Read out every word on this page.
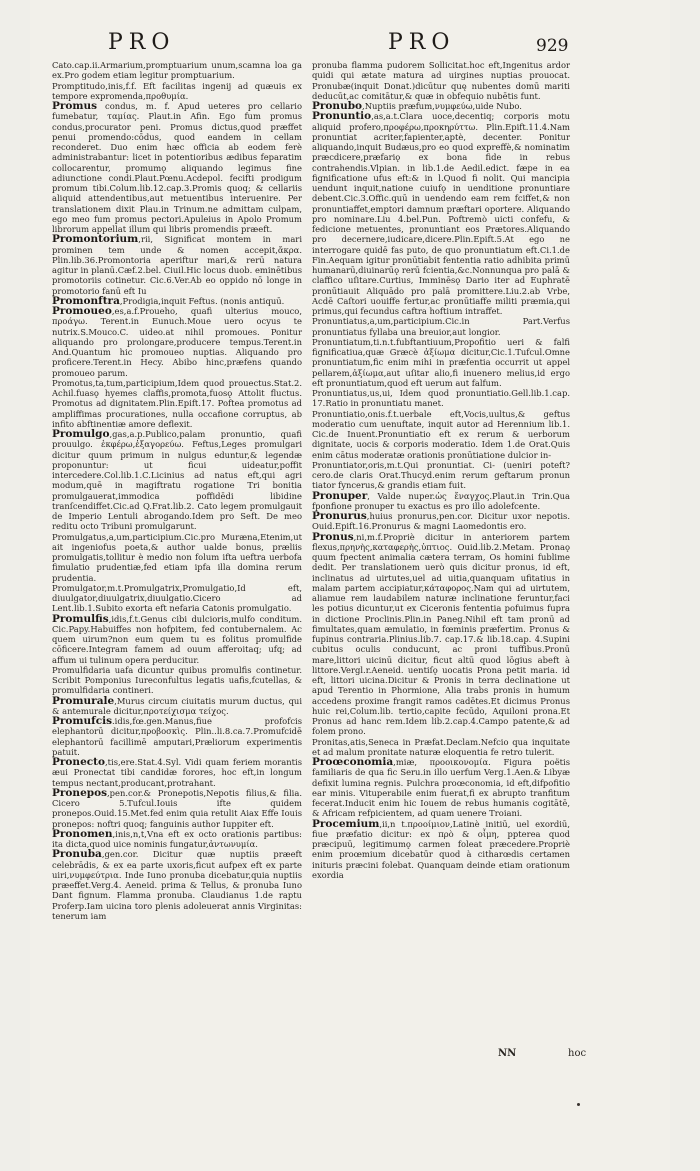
PRO	PRO	929

Cato.cap.ii.Armarium,promptuarium unum,scamna loa ga ex.Pro godem etiam legitur promptuarium.

Promptitudo,inis,f.f. Eft facilitas ingenij ad quæuis ex tempore expromenda,προθυμία.

Promus condus, m. f. Apud ueteres pro cellario fumebatur, ταμίας. Plaut.in Afin. Ego fum promus condus,procurator peni. Promus dictus,quod præffet penui promendo:cōdus, quod eandem in cellam reconderet. Duo enim hæc officia ab eodem ferè administrabantur: licet in potentioribus ædibus feparatim collocarentur, promumǫ aliquando legimus fine adiunctione condi.Plaut.Pœnu.Acdepol. fecifti prodigum promum tibi.Colum.lib.12.cap.3.Promis quoq; & cellariis aliquid attendentibus,aut metuentibus interuenire. Per translationem dixit Plau.in Trinum.ne admittam culpam, ego meo fum promus pectori.Apuleius in Apolo Promum librorum appellat illum qui libris promendis præeft.

Promontorium,rii, Significat montem in mari prominen tem unde & nomen accepit,ἄκρα. Plin.lib.36.Promontoria aperiftur mari,& rerū natura agitur in planū.Cæf.2.bel. Ciuil.Hic locus duob. eminētibus promotoriis cotinetur. Cic.6.Ver.Ab eo oppido nō longe in promotorio fanū eft Iu

Promonftra,Prodigia,inquit Feftus. (nonis antiquū.

Promoueo,es,a.f.Proueho, quafi ulterius mouco, προάγω. Terent.in Eunuch.Moue uero ocyus te nutrix.S.Mouco.C. uideo.at nihil promoues. Ponitur aliquando pro prolongare,producere tempus.Terent.in And.Quantum hic promoueo nuptias. Aliquando pro proficere.Terent.in Hecy. Abibo hinc,præfens quando promoueo parum.

Promotus,ta,tum,participium,Idem quod prouectus.Stat.2. Achil.fuasǫ hyemes claffis,promota,fuosǫ Attolit fluctus. Promotus ad dignitatem.Plin.Epift.17. Poftea promotus ad ampliffimas procurationes, nulla occafione corruptus, ab infito abftinentiæ amore deflexit.

Promulgo,gas,a.p.Publico,palam pronuntio, quafi prouulgo. ἐκφέρω,ἐξαγορεύω. Feftus,Leges promulgari dicitur quum primum in nulgus eduntur,& legendæ proponuntur: ut ficui uideatur,poffit intercedere.Col.lib.1.C.Licinius ad natus eft,qui agri modum,quē in magiftratu rogatione Tri bonitia promulgauerat,immodica poffidēdi libidine tranſcendiffet.Cic.ad Q.Frat.lib.2. Cato legem promulgauit de Imperio Lentuli abrogando.Idem pro Seft. De meo reditu octo Tribuni promulgarunt.

Promulgatus,a,um,participium.Cic.pro Muræna,Etenim,ut ait ingeniofus poeta,& author ualde bonus, præliis promulgatis,tollitur è medio non folum ifta ueftra uerbofa fimulatio prudentiæ,fed etiam ipfa illa domina rerum prudentia.

Promulgator,m.t.Promulgatrix,Promulgatio,Id eft, diuulgator,diuulgatrix,diuulgatio.Cicero ad Lent.lib.1.Subito exorta eft nefaria Catonis promulgatio.

Promulfis,idis,f.t.Genus cibi dulcioris,mulfo conditum. Cic.Papy.Habuiffes non hofpitem, fed contubernalem. Ac quem uirum?non eum quem tu es folitus promulfide cōficere.Integram famem ad ouum afferoitaq; ufq; ad affum ui tulinum opera perducitur.

Promulfidaria uafa dicuntur quibus promulfis continetur. Scribit Pomponius Iureconfultus legatis uafis,fcutellas, & promulfidaria contineri.

Promurale,Murus circum ciuitatis murum ductus, qui & antemurale dicitur,προτείχισμα τείχος.

Promufcis.idis,fœ.gen.Manus,fiue profofcis elephantorū dicitur,προβοσκὶς. Plin..li.8.ca.7.Promufcidē elephantorū facillimē amputari,Præliorum experimentis patuit.

Pronecto,tis,ere.Stat.4.Syl. Vidi quam feriem morantis æui Pronectat tibi candidæ forores, hoc eft,in longum tempus nectant,producant,protrahant.

Pronepos,pen.cor.& Pronepotis,Nepotis filius,& filia. Cicero 5.Tufcul.Iouis ifte quidem pronepos.Ouid.15.Met.fed enim quia retulit Aiax Effe Iouis pronepos: noftri quoq; fanguinis author Iuppiter eft.

Pronomen,inis,n,t,Vna eft ex octo orationis partibus: ita dicta,quod uice nominis fungatur,ἀντωνυμία.

Pronuba,gen.cor. Dicitur quæ nuptiis præeft celebrādis, & ex ea parte uxoris,ficut aufpex eft ex parte uiri,νυμφεύτρια. Inde Iuno pronuba dicebatur,quia nuptiis præeffet.Verg.4. Aeneid. prima & Tellus, & pronuba Iuno Dant fignum. Flamma pronuba. Claudianus 1.de raptu Proferp.Iam uicina toro plenis adoleuerat annis Virginitas: tenerum iam

pronuba flamma pudorem Sollicitat.hoc eft,Ingenitus ardor quidi qui ætate matura ad uirgines nuptias prouocat. Pronubæ(inquit Donat.)dicūtur quę nubentes domū mariti deducūt,ac comitātur,& quæ in obfequio nubētis funt.

Pronubo,Nuptiis præfum,νυμφεύω,uide Nubo.

Pronuntio,as,a.t.Clara uoce,decentiq; corporis motu aliquid profero,προφέρω,προκηρύττω. Plin.Epift.11.4.Nam pronuntiat acriter,fapienter,aptè, decenter. Ponitur aliquando,inquit Budæus,pro eo quod expreffè,& nominatim præcdicere,præfariǫ ex bona fide in rebus contrahendis.Vlpian. in lib.1.de Aedil.edict. fæpe in ea fignificatione ufus eft:& in l.Quod fi nolit. Qui mancipia uendunt inquit,natione cuiufǫ in uenditione pronuntiare debent.Cic.3.Offic.quū in uendendo eam rem fciffet,& non pronuntiaffet,emptori damnum præftari oportere. Aliquando pro nominare.Liu 4.bel.Pun. Poftremò uicti confefu, & fedicione metuentes, pronuntiant eos Prætores.Aliquando pro decernere,iudicare,dicere.Plin.Epift.5.At ego ne interrogare quidē fas puto, de quo pronuntiatum eft.Ci.1.de Fin.Aequam igitur pronūtiabit fententia ratio adhibita primū humanarū,diuinarūǫ rerū fcientia,&c.Nonnunqua pro palā & claffico uſitare.Curtius, Imminēsǫ Dario iter ad Euphratē pronūtiauit Aliquādo pro palā promittere.Liu.2.ab Vrbe, Acdē Caſtori uouiffe fertur,ac pronūtiaffe militi præmia,qui primus,qui fecundus caftra hoftium intraffet.

Pronuntiatus,a,um,participium.Cic.in Part.Verfus pronuntiatus fyllaba una breuior,aut longior.

Pronuntiatum,ti.n.t.fubftantiuum,Propofitio ueri & falfi fignificatiua,quæ Græcè ἀξίωμα dicitur,Cic.1.Tufcul.Omne pronuntiatum,fic enim mihi in præfentia occurrit ut appel pellarem,ἀξίωμα,aut uſitar alio,fi inuenero melius,id ergo eft pronuntiatum,quod eft uerum aut falfum.

Pronuntiatus,us,ui, Idem quod pronuntiatio.Gell.lib.1.cap. 17.Ratio in pronuntiatu manet.

Pronuntiatio,onis.f.t.uerbale eft,Vocis,uultus,& geftus moderatio cum uenuftate, inquit autor ad Herennium lib.1. Cic.de Inuent.Pronuntiatio eft ex rerum & uerborum dignitate, uocis & corporis moderatio. Idem 1.de Orat.Quis enim cātus moderatæ orationis pronūtiatione dulcior in-

Pronuntiator,oris,m.t.Qui pronuntiat. Ci- (ueniri poteft? cero.de claris Orat.Thucyd.enim rerum geftarum pronun tiator fyncerus,& grandis etiam fuit.

Pronuper, Valde nuper.ὡς ἔναγχος.Plaut.in Trin.Qua fponfione pronuper tu exactus es pro illo adolefcente.

Pronurus,huius pronurus,pen.cor. Dicitur uxor nepotis. Ouid.Epift.16.Pronurus & magni Laomedontis ero.

Pronus,ni,m.f.Propriè dicitur in anteriorem partem flexus,πρηνὴς,καταφερὴς,ὑπτιος. Ouid.lib.2.Metam. Pronaǫ quum fpectent animalia cætera terram, Os homini fublime dedit. Per translationem uerò quis dicitur pronus, id eft, inclinatus ad uirtutes,uel ad uitia,quanquam ufitatius in malam partem accipiatur,κάταφορος.Nam qui ad uirtutem, aliamue rem laudabilem naturæ inclinatione feruntur,faci les potius dicuntur,ut ex Ciceronis fententia pofuimus fupra in dictione Proclinis.Plin.in Paneg.Nihil eft tam pronū ad fimultates,quam æmulatio, in fœminis præfertim. Pronus & fupinus contraria.Plinius.lib.7. cap.17.& lib.18.cap. 4.Supini cubitus oculis conducunt, ac proni tuffibus.Pronū mare,littori uicinū dicitur, ficut altū quod lōgius abeft à littore.Vergl.r.Aeneid. uentiſǫ uocatis Prona petit maria. id eft, littori uicina.Dicitur & Pronis in terra declinatione ut apud Terentio in Phormione, Alia trabs pronis in humum accedens proxime frangit ramos cadētes.Et dicimus Pronus huic rei,Colum.lib. tertio,capite fecūdo, Aquiloni prona.Et Pronus ad hanc rem.Idem lib.2.cap.4.Campo patente,& ad folem prono.

Pronitas,atis,Seneca in Præfat.Declam.Nefcio qua inquitate et ad malum pronitate naturæ eloquentia fe retro tulerit.

Proœconomia,miæ, προοικονομία. Figura poëtis familiaris de qua fic Seru.in illo uerfum Verg.1.Aen.& Libyæ defixit lumina regnis. Pulchra proœconomia, id eft,difpofitio ear minis. Vituperabile enim fuerat,fi ex abrupto tranfitum fecerat.Inducit enim hic Iouem de rebus humanis cogitātē, & Africam refpicientem, ad quam uenere Troiani.

Procemium,ii,n t.προοίμιον,Latinè initiū, uel exordiū, fiue præfatio dicitur: ex πρὸ & οἶμη, ppterea quod præcipuū, legitimumǫ carmen foleat præcedere.Propriè enim proœmium dicebatūr quod à citharœdis certamen inituris præcini folebat. Quanquam deinde etiam orationum exordia

NN	hoc
